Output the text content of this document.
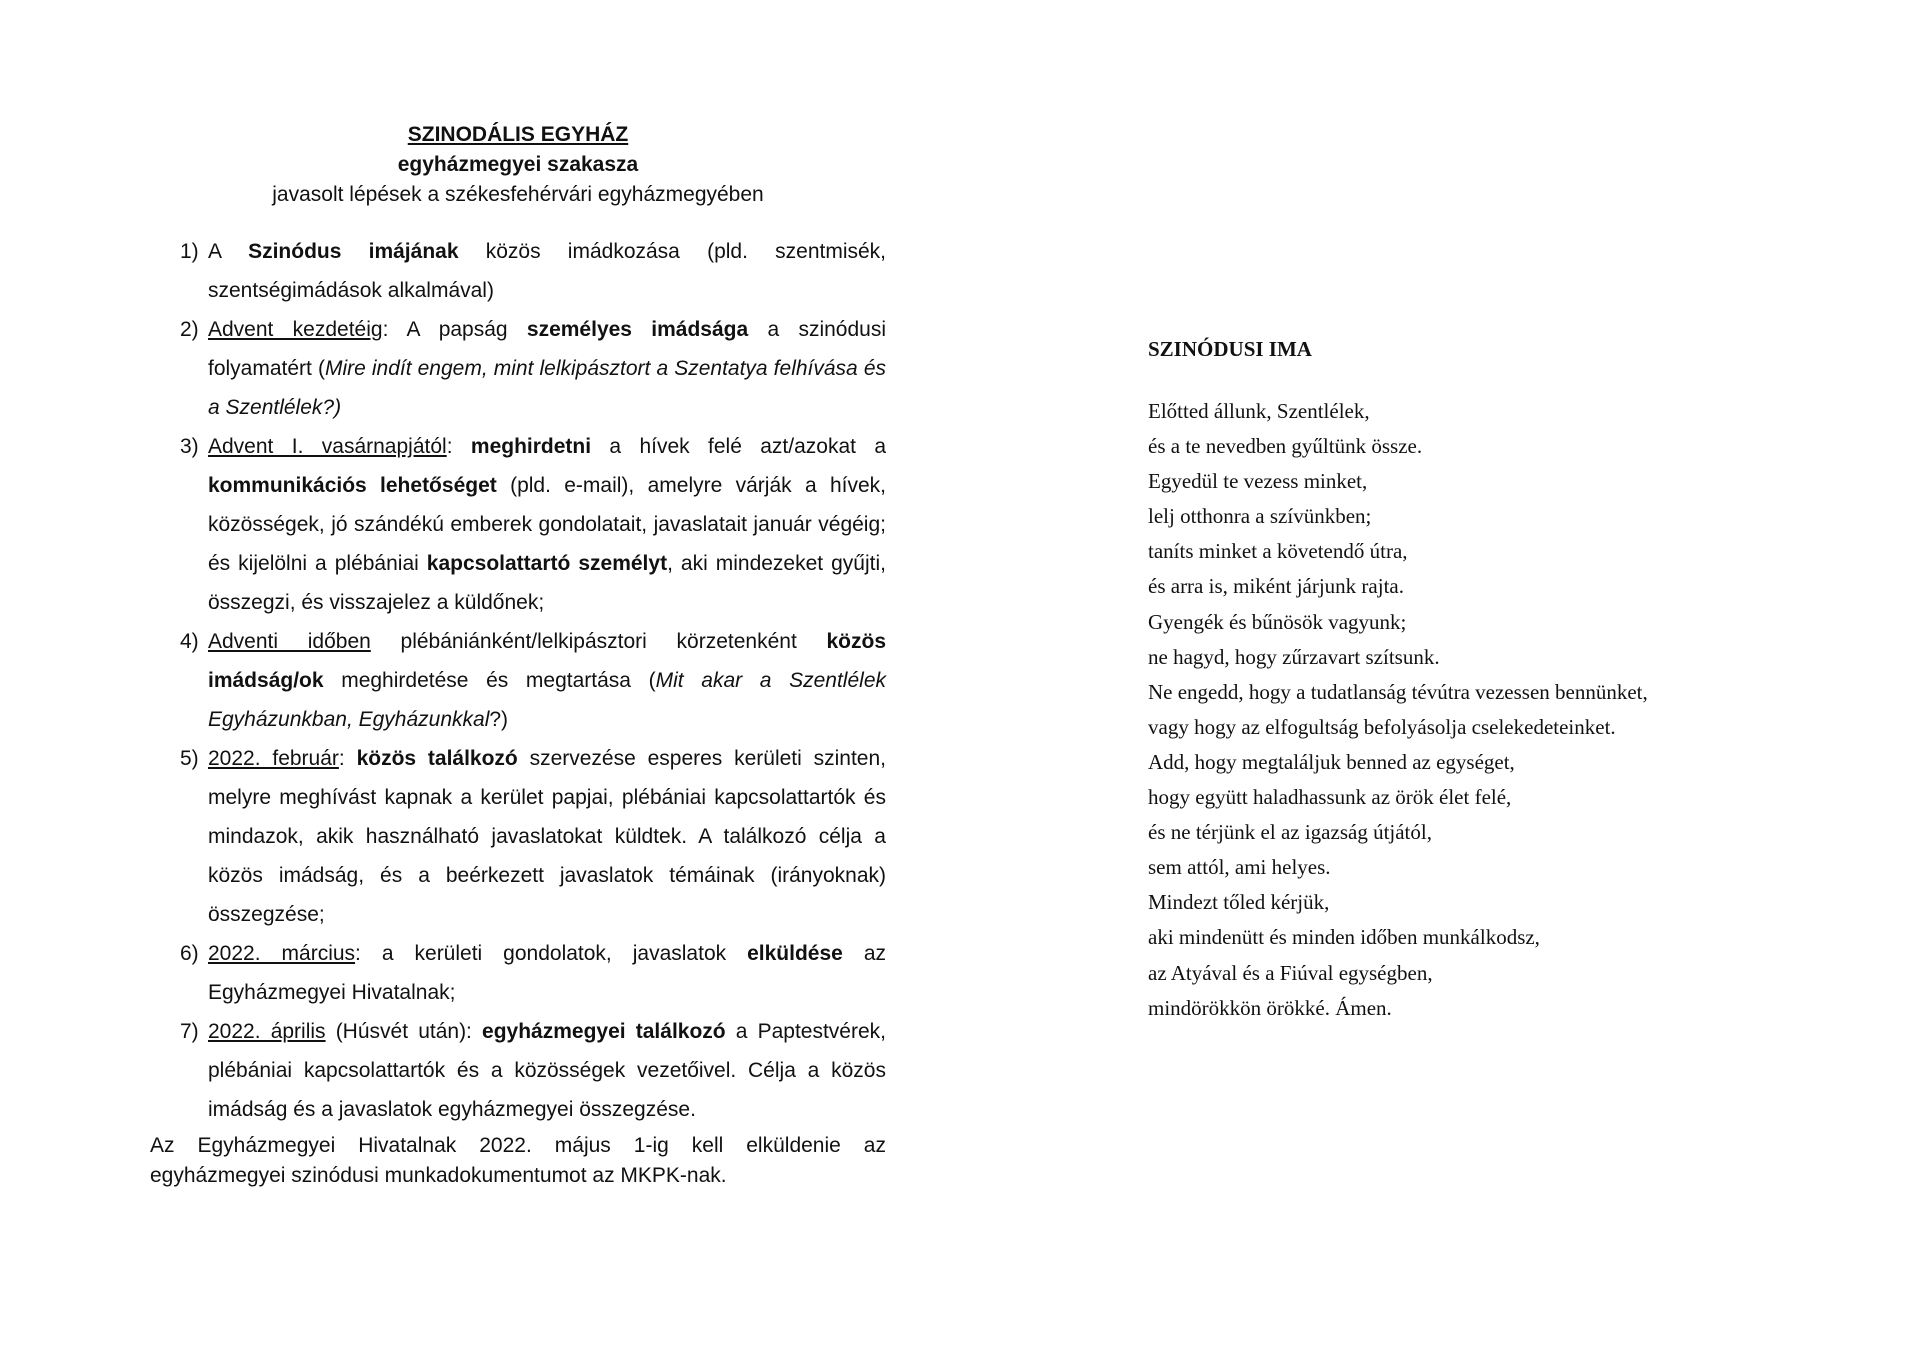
SZINODÁLIS EGYHÁZ
egyházmegyei szakasza
javasolt lépések a székesfehérvári egyházmegyében
1) A Szinódus imájának közös imádkozása (pld. szentmisék, szentségimádások alkalmával)
2) Advent kezdetéig: A papság személyes imádsága a szinódusi folyamatért (Mire indít engem, mint lelkipásztort a Szentatya felhívása és a Szentlélek?)
3) Advent I. vasárnapjától: meghirdetni a hívek felé azt/azokat a kommunikációs lehetőséget (pld. e-mail), amelyre várják a hívek, közösségek, jó szándékú emberek gondolatait, javaslatait január végéig; és kijelölni a plébániai kapcsolattartó személyt, aki mindezeket gyűjti, összegzi, és visszajelez a küldőnek;
4) Adventi időben plébániánként/lelkipásztori körzetenként közös imádság/ok meghirdetése és megtartása (Mit akar a Szentlélek Egyházunkban, Egyházunkkal?)
5) 2022. február: közös találkozó szervezése esperes kerületi szinten, melyre meghívást kapnak a kerület papjai, plébániai kapcsolattartók és mindazok, akik használható javaslatokat küldtek. A találkozó célja a közös imádság, és a beérkezett javaslatok témáinak (irányoknak) összegzése;
6) 2022. március: a kerületi gondolatok, javaslatok elküldése az Egyházmegyei Hivatalnak;
7) 2022. április (Húsvét után): egyházmegyei találkozó a Paptestvérek, plébániai kapcsolattartók és a közösségek vezetőivel. Célja a közös imádság és a javaslatok egyházmegyei összegzése.
Az Egyházmegyei Hivatalnak 2022. május 1-ig kell elküldenie az egyházmegyei szinódusi munkadokumentumot az MKPK-nak.
SZINÓDUSI IMA
Előtted állunk, Szentlélek,
és a te nevedben gyűltünk össze.
Egyedül te vezess minket,
lelj otthonra a szívünkben;
taníts minket a követendő útra,
és arra is, miként járjunk rajta.
Gyengék és bűnösök vagyunk;
ne hagyd, hogy zűrzavart szítsunk.
Ne engedd, hogy a tudatlanság tévútra vezessen bennünket,
vagy hogy az elfogultság befolyásolja cselekedeteinket.
Add, hogy megtaláljuk benned az egységet,
hogy együtt haladhassunk az örök élet felé,
és ne térjünk el az igazság útjától,
sem attól, ami helyes.
Mindezt tőled kérjük,
aki mindenütt és minden időben munkálkodsz,
az Atyával és a Fiúval egységben,
mindörökkön örökké. Ámen.
